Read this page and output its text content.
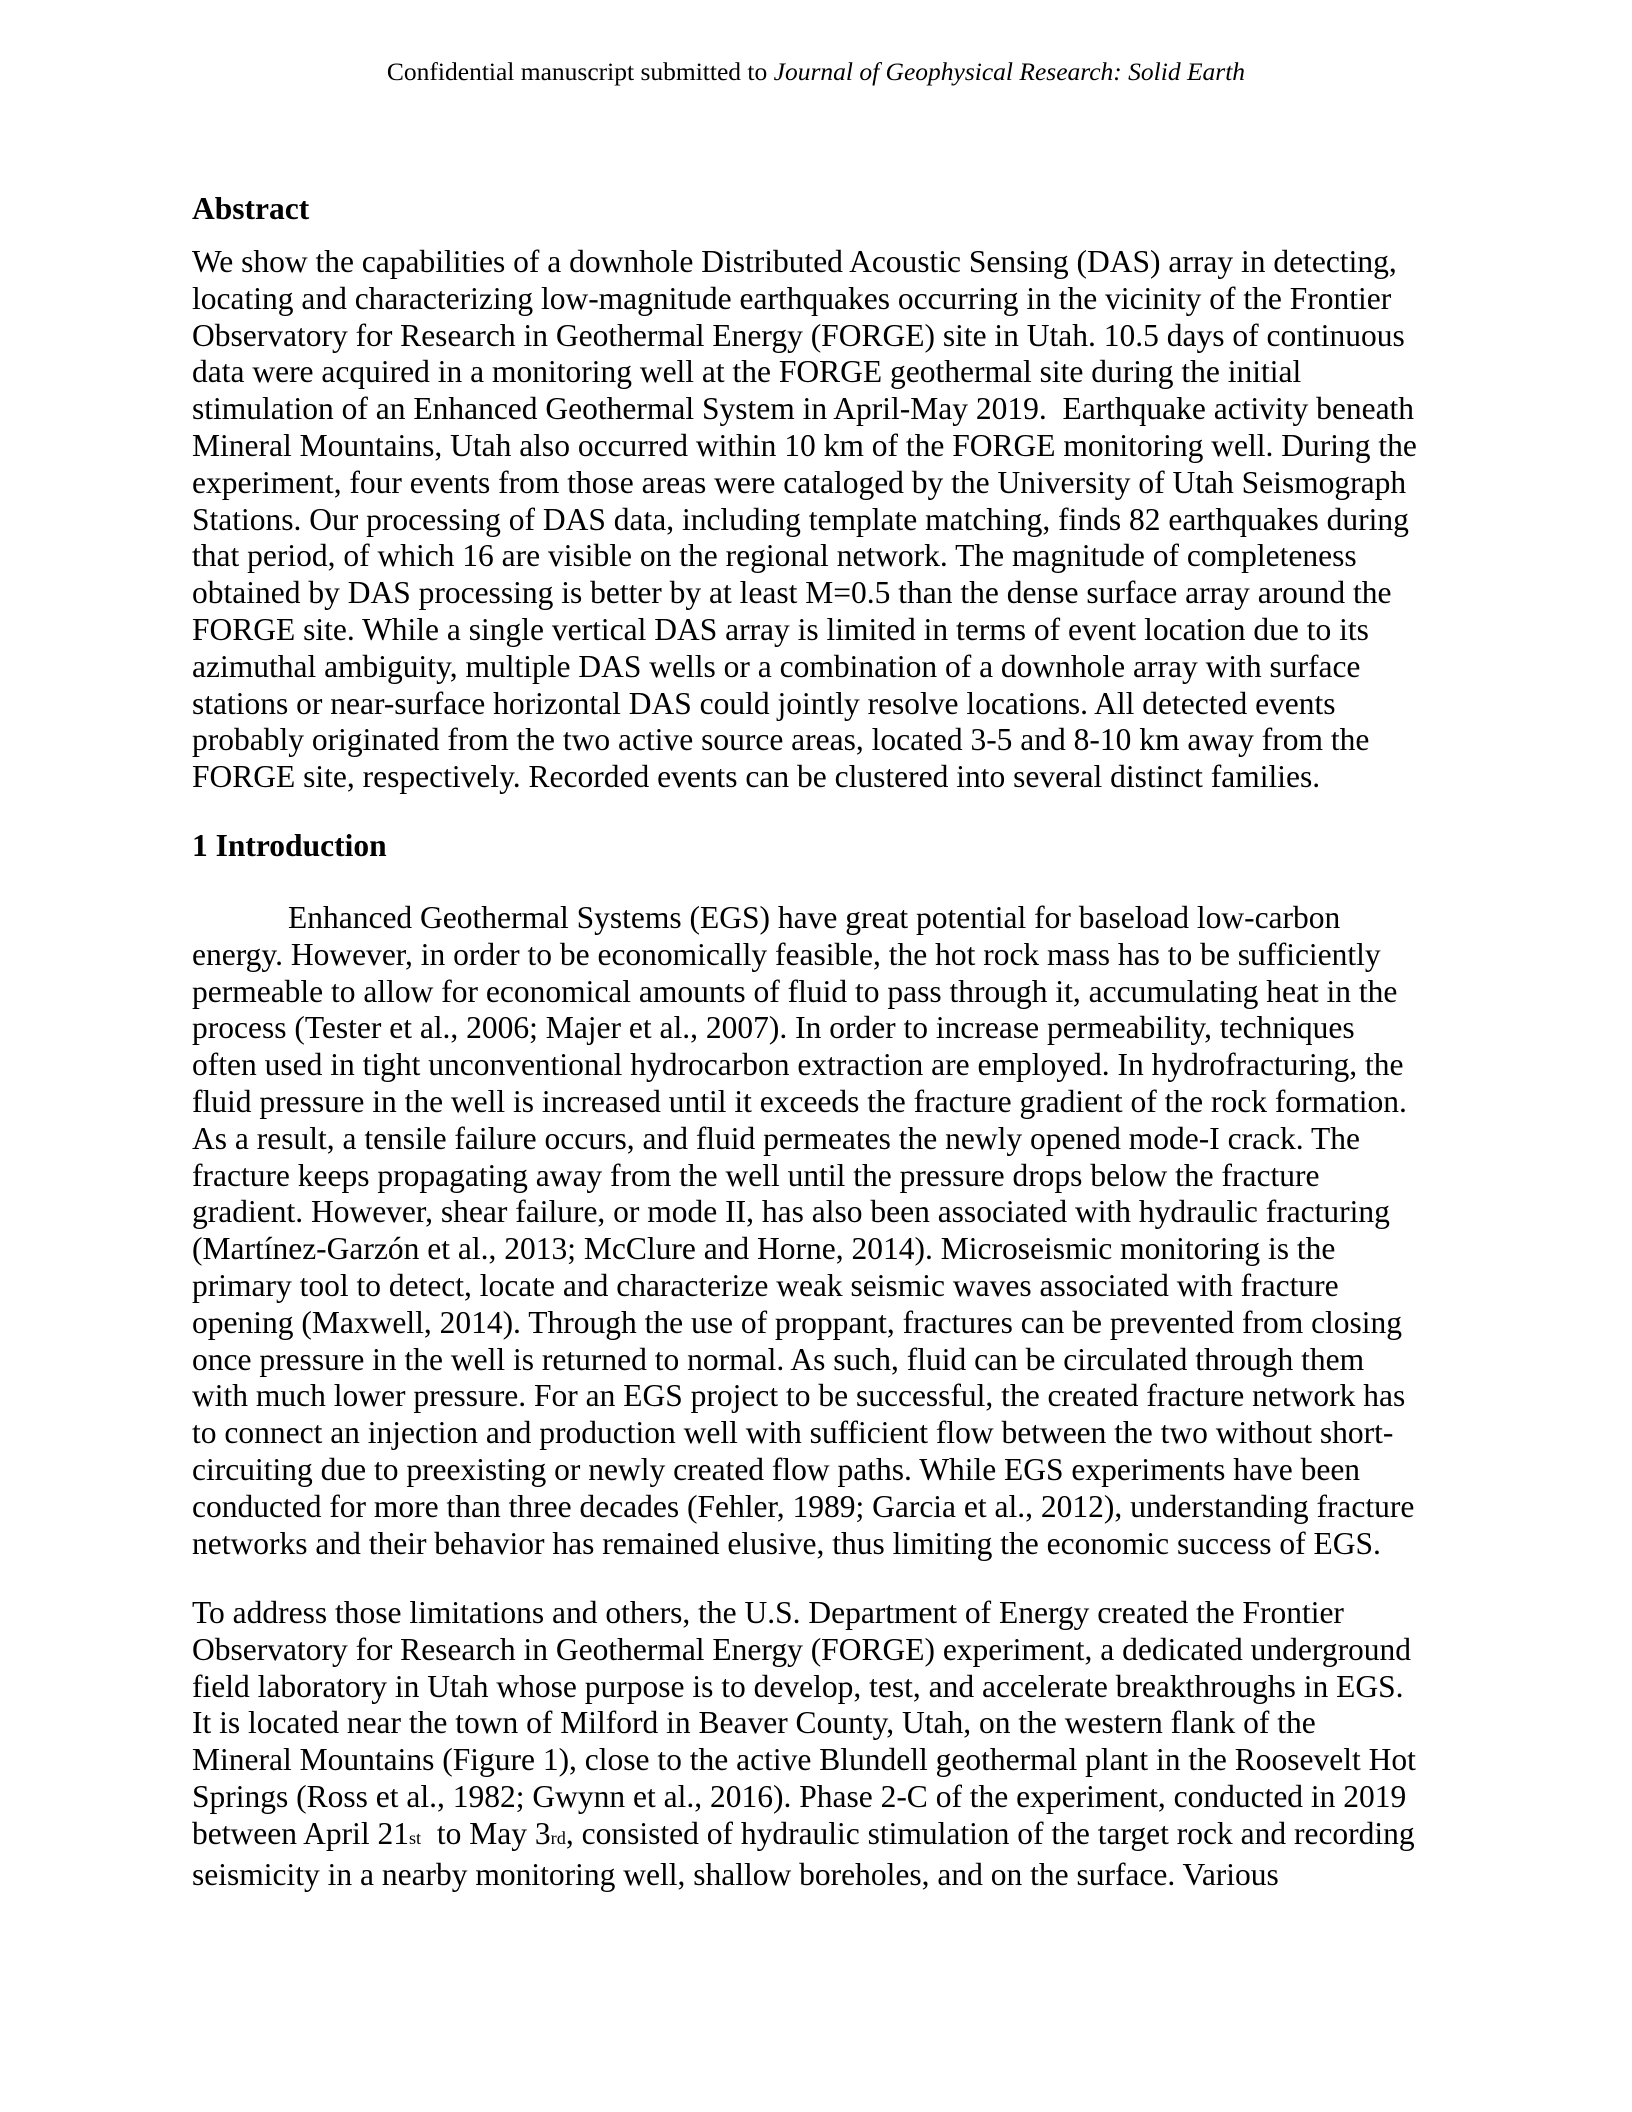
Confidential manuscript submitted to Journal of Geophysical Research: Solid Earth
Abstract
We show the capabilities of a downhole Distributed Acoustic Sensing (DAS) array in detecting,
locating and characterizing low-magnitude earthquakes occurring in the vicinity of the Frontier
Observatory for Research in Geothermal Energy (FORGE) site in Utah. 10.5 days of continuous
data were acquired in a monitoring well at the FORGE geothermal site during the initial
stimulation of an Enhanced Geothermal System in April-May 2019.  Earthquake activity beneath
Mineral Mountains, Utah also occurred within 10 km of the FORGE monitoring well. During the
experiment, four events from those areas were cataloged by the University of Utah Seismograph
Stations. Our processing of DAS data, including template matching, finds 82 earthquakes during
that period, of which 16 are visible on the regional network. The magnitude of completeness
obtained by DAS processing is better by at least M=0.5 than the dense surface array around the
FORGE site. While a single vertical DAS array is limited in terms of event location due to its
azimuthal ambiguity, multiple DAS wells or a combination of a downhole array with surface
stations or near-surface horizontal DAS could jointly resolve locations. All detected events
probably originated from the two active source areas, located 3-5 and 8-10 km away from the
FORGE site, respectively. Recorded events can be clustered into several distinct families.
1 Introduction
Enhanced Geothermal Systems (EGS) have great potential for baseload low-carbon
energy. However, in order to be economically feasible, the hot rock mass has to be sufficiently
permeable to allow for economical amounts of fluid to pass through it, accumulating heat in the
process (Tester et al., 2006; Majer et al., 2007). In order to increase permeability, techniques
often used in tight unconventional hydrocarbon extraction are employed. In hydrofracturing, the
fluid pressure in the well is increased until it exceeds the fracture gradient of the rock formation.
As a result, a tensile failure occurs, and fluid permeates the newly opened mode-I crack. The
fracture keeps propagating away from the well until the pressure drops below the fracture
gradient. However, shear failure, or mode II, has also been associated with hydraulic fracturing
(Martínez-Garzón et al., 2013; McClure and Horne, 2014). Microseismic monitoring is the
primary tool to detect, locate and characterize weak seismic waves associated with fracture
opening (Maxwell, 2014). Through the use of proppant, fractures can be prevented from closing
once pressure in the well is returned to normal. As such, fluid can be circulated through them
with much lower pressure. For an EGS project to be successful, the created fracture network has
to connect an injection and production well with sufficient flow between the two without short-
circuiting due to preexisting or newly created flow paths. While EGS experiments have been
conducted for more than three decades (Fehler, 1989; Garcia et al., 2012), understanding fracture
networks and their behavior has remained elusive, thus limiting the economic success of EGS.
To address those limitations and others, the U.S. Department of Energy created the Frontier
Observatory for Research in Geothermal Energy (FORGE) experiment, a dedicated underground
field laboratory in Utah whose purpose is to develop, test, and accelerate breakthroughs in EGS.
It is located near the town of Milford in Beaver County, Utah, on the western flank of the
Mineral Mountains (Figure 1), close to the active Blundell geothermal plant in the Roosevelt Hot
Springs (Ross et al., 1982; Gwynn et al., 2016). Phase 2-C of the experiment, conducted in 2019
between April 21st  to May 3rd, consisted of hydraulic stimulation of the target rock and recording
seismicity in a nearby monitoring well, shallow boreholes, and on the surface. Various
